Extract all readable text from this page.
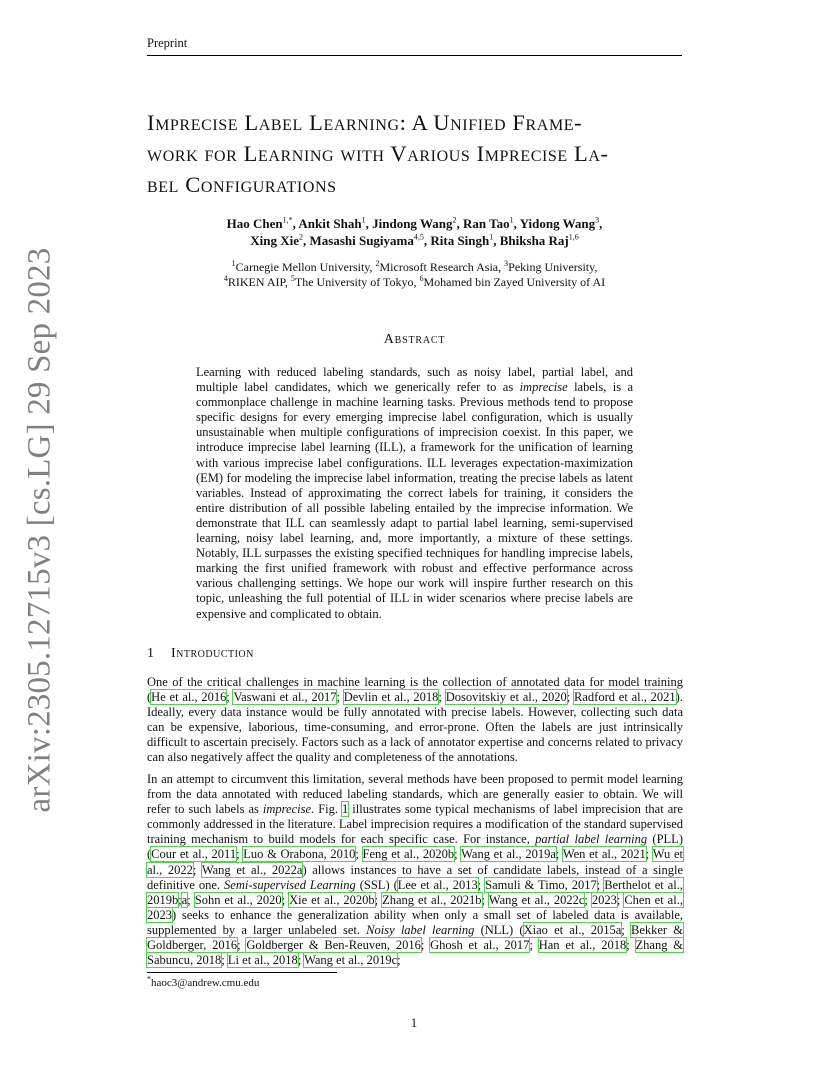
Preprint
arXiv:2305.12715v3 [cs.LG] 29 Sep 2023
Imprecise Label Learning: A Unified Frame-
work for Learning with Various Imprecise La-
bel Configurations
Hao Chen$^{1,*}$, Ankit Shah$^1$, Jindong Wang$^2$, Ran Tao$^1$, Yidong Wang$^3$,
Xing Xie$^2$, Masashi Sugiyama$^{4,5}$, Rita Singh$^1$, Bhiksha Raj$^{1,6}$
$^1$Carnegie Mellon University, $^2$Microsoft Research Asia, $^3$Peking University,
$^4$RIKEN AIP, $^5$The University of Tokyo, $^6$Mohamed bin Zayed University of AI
Abstract
Learning with reduced labeling standards, such as noisy label, partial label, and multiple label candidates, which we generically refer to as imprecise labels, is a commonplace challenge in machine learning tasks. Previous methods tend to propose specific designs for every emerging imprecise label configuration, which is usually unsustainable when multiple configurations of imprecision coexist. In this paper, we introduce imprecise label learning (ILL), a framework for the unification of learning with various imprecise label configurations. ILL leverages expectation-maximization (EM) for modeling the imprecise label information, treating the precise labels as latent variables. Instead of approximating the correct labels for training, it considers the entire distribution of all possible labeling entailed by the imprecise information. We demonstrate that ILL can seamlessly adapt to partial label learning, semi-supervised learning, noisy label learning, and, more importantly, a mixture of these settings. Notably, ILL surpasses the existing specified techniques for handling imprecise labels, marking the first unified framework with robust and effective performance across various challenging settings. We hope our work will inspire further research on this topic, unleashing the full potential of ILL in wider scenarios where precise labels are expensive and complicated to obtain.
1 Introduction
One of the critical challenges in machine learning is the collection of annotated data for model training (He et al., 2016; Vaswani et al., 2017; Devlin et al., 2018; Dosovitskiy et al., 2020; Radford et al., 2021). Ideally, every data instance would be fully annotated with precise labels. However, collecting such data can be expensive, laborious, time-consuming, and error-prone. Often the labels are just intrinsically difficult to ascertain precisely. Factors such as a lack of annotator expertise and concerns related to privacy can also negatively affect the quality and completeness of the annotations.
In an attempt to circumvent this limitation, several methods have been proposed to permit model learning from the data annotated with reduced labeling standards, which are generally easier to obtain. We will refer to such labels as imprecise. Fig. 1 illustrates some typical mechanisms of label imprecision that are commonly addressed in the literature. Label imprecision requires a modification of the standard supervised training mechanism to build models for each specific case. For instance, partial label learning (PLL) (Cour et al., 2011; Luo & Orabona, 2010; Feng et al., 2020b; Wang et al., 2019a; Wen et al., 2021; Wu et al., 2022; Wang et al., 2022a) allows instances to have a set of candidate labels, instead of a single definitive one. Semi-supervised Learning (SSL) (Lee et al., 2013; Samuli & Timo, 2017; Berthelot et al., 2019b;a; Sohn et al., 2020; Xie et al., 2020b; Zhang et al., 2021b; Wang et al., 2022c; 2023; Chen et al., 2023) seeks to enhance the generalization ability when only a small set of labeled data is available, supplemented by a larger unlabeled set. Noisy label learning (NLL) (Xiao et al., 2015a; Bekker & Goldberger, 2016; Goldberger & Ben-Reuven, 2016; Ghosh et al., 2017; Han et al., 2018; Zhang & Sabuncu, 2018; Li et al., 2018; Wang et al., 2019c;
*haoc3@andrew.cmu.edu
1
